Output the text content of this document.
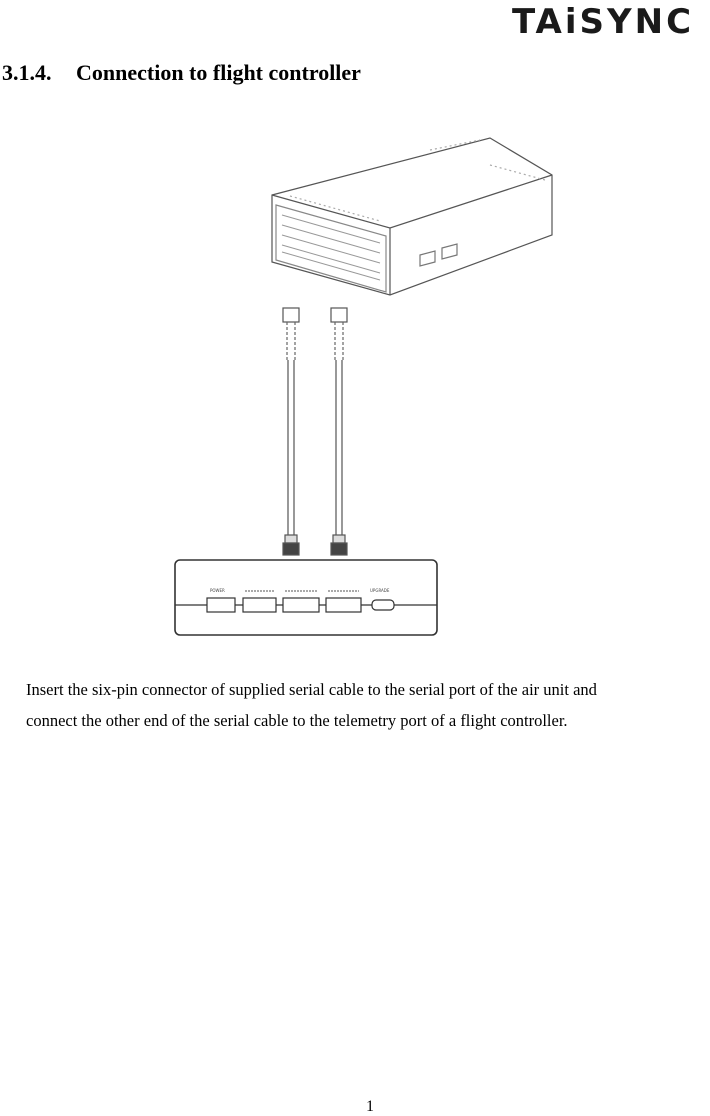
TAiSYNC
3.1.4. Connection to flight controller
POWER	UPGRADE

Insert the six-pin connector of supplied serial cable to the serial port of the air unit and
connect the other end of the serial cable to the telemetry port of a flight controller.

1
